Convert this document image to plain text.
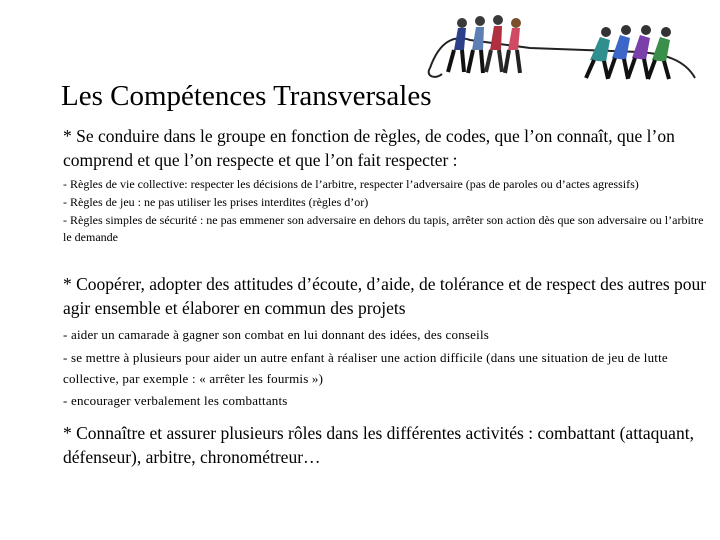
Les Compétences Transversales

* Se conduire dans le groupe en fonction de règles, de codes, que l’on connaît, que l’on comprend et que l’on respecte et que l’on fait respecter :

- Règles de vie collective: respecter les décisions de l’arbitre, respecter l’adversaire (pas de paroles ou d’actes agressifs)

- Règles de jeu : ne pas utiliser les prises interdites (règles d’or)

- Règles simples de sécurité : ne pas emmener son adversaire en dehors du tapis, arrêter son action dès que son adversaire ou l’arbitre le demande

* Coopérer, adopter des attitudes d’écoute, d’aide, de tolérance et de respect des autres pour agir ensemble et élaborer en commun des projets

- aider un camarade à gagner son combat en lui donnant des idées, des conseils

- se mettre à plusieurs pour aider un autre enfant à réaliser une action difficile (dans une situation de jeu de lutte collective, par exemple : « arrêter les fourmis »)

- encourager verbalement les combattants

* Connaître et assurer plusieurs rôles dans les différentes activités : combattant (attaquant, défenseur), arbitre, chronométreur…
